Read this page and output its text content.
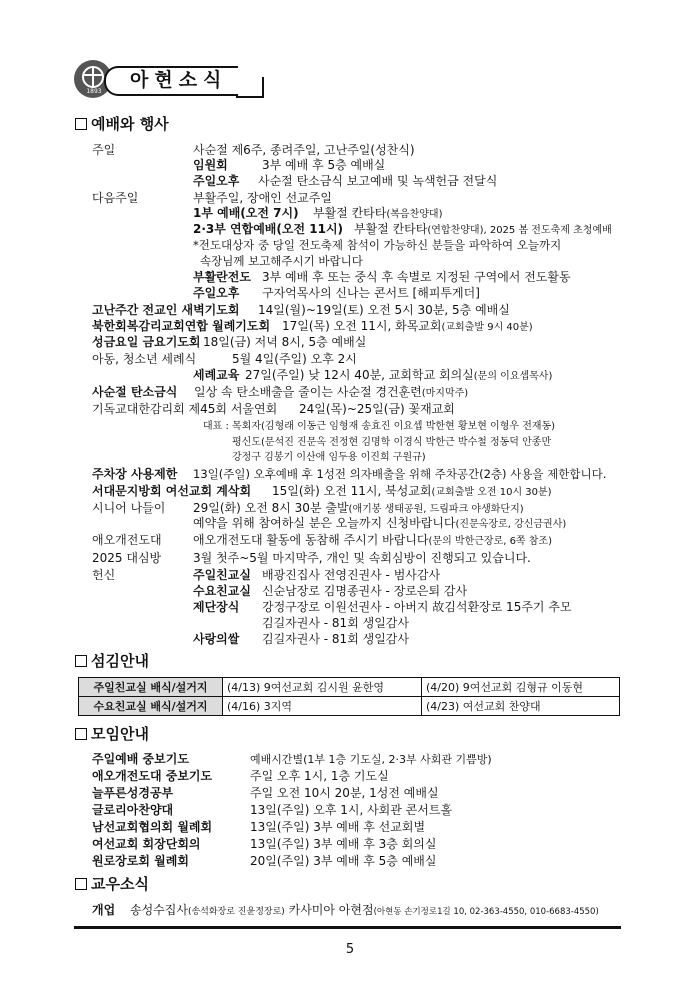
1893
아현소식
예배와 행사
주일	사순절 제6주, 종려주일, 고난주일(성찬식)
임원회	3부 예배 후 5층 예배실
주일오후 사순절 탄소금식 보고예배 및 녹색헌금 전달식
다음주일	부활주일, 장애인 선교주일
1부 예배(오전 7시) 부활절 칸타타(복음찬양대)
2·3부 연합예배(오전 11시) 부활절 칸타타(연합찬양대), 2025 봄 전도축제 초청예배
*전도대상자 중 당일 전도축제 참석이 가능하신 분들을 파악하여 오늘까지
속장님께 보고해주시기 바랍니다
부활란전도 3부 예배 후 또는 중식 후 속별로 지정된 구역에서 전도활동
주일오후 구자억목사의 신나는 콘서트 [해피투게더]
고난주간 전교인 새벽기도회 14일(월)~19일(토) 오전 5시 30분, 5층 예배실
북한회복감리교회연합 월례기도회 17일(목) 오전 11시, 화목교회(교회출발 9시 40분)
성금요일 금요기도회 18일(금) 저녁 8시, 5층 예배실
아동, 청소년 세례식	5월 4일(주일) 오후 2시
세례교육 27일(주일) 낮 12시 40분, 교회학교 회의실(문의 이요셉목사)
사순절 탄소금식 일상 속 탄소배출을 줄이는 사순절 경건훈련(마지막주)
기독교대한감리회 제45회 서울연회 24일(목)~25일(금) 꽃재교회
대표 : 목회자(김형래 이동근 임형재 송효진 이요셉 박한현 황보현 이형우 전재동)
평신도(문석진 진문옥 전정현 김명학 이경식 박한근 박수철 정동덕 안종만
강정구 김봉기 이산애 임두용 이진희 구원규)
주차장 사용제한 13일(주일) 오후예배 후 1성전 의자배출을 위해 주차공간(2층) 사용을 제한합니다.
서대문지방회 여선교회 계삭회 15일(화) 오전 11시, 북성교회(교회출발 오전 10시 30분)
시니어 나들이 29일(화) 오전 8시 30분 출발(애기봉 생태공원, 드림파크 야생화단지)
예약을 위해 참여하실 분은 오늘까지 신청바랍니다(진문옥장로, 강신금권사)
애오개전도대	애오개전도대 활동에 동참해 주시기 바랍니다(문의 박한근장로, 6쪽 참조)
2025 대심방	3월 첫주~5월 마지막주, 개인 및 속회심방이 진행되고 있습니다.
헌신	주일친교실 배광진집사 전영진권사 - 범사감사
수요친교실 신순남장로 김명종권사 - 장로은퇴 감사
제단장식 강정구장로 이원선권사 - 아버지 故김석환장로 15주기 추모
김길자권사 - 81회 생일감사
사랑의쌀 김길자권사 - 81회 생일감사
섬김안내
주일친교실 배식/설거지	(4/13) 9여선교회 김시원 윤한영	(4/20) 9여선교회 김형규 이동현
수요친교실 배식/설거지	(4/16) 3지역	(4/23) 여선교회 찬양대
모임안내
주일예배 중보기도	예배시간별(1부 1층 기도실, 2·3부 사회관 기쁨방)
애오개전도대 중보기도	주일 오후 1시, 1층 기도실
늘푸른성경공부	주일 오전 10시 20분, 1성전 예배실
글로리아찬양대	13일(주일) 오후 1시, 사회관 콘서트홀
남선교회협의회 월례회	13일(주일) 3부 예배 후 선교회별
여선교회 회장단회의	13일(주일) 3부 예배 후 3층 회의실
원로장로회 월례회	20일(주일) 3부 예배 후 5층 예배실
교우소식
개업 송성수집사(송석화장로 진윤정장로) 카사미아 아현점(아현동 손기정로1길 10, 02-363-4550, 010-6683-4550)
5
